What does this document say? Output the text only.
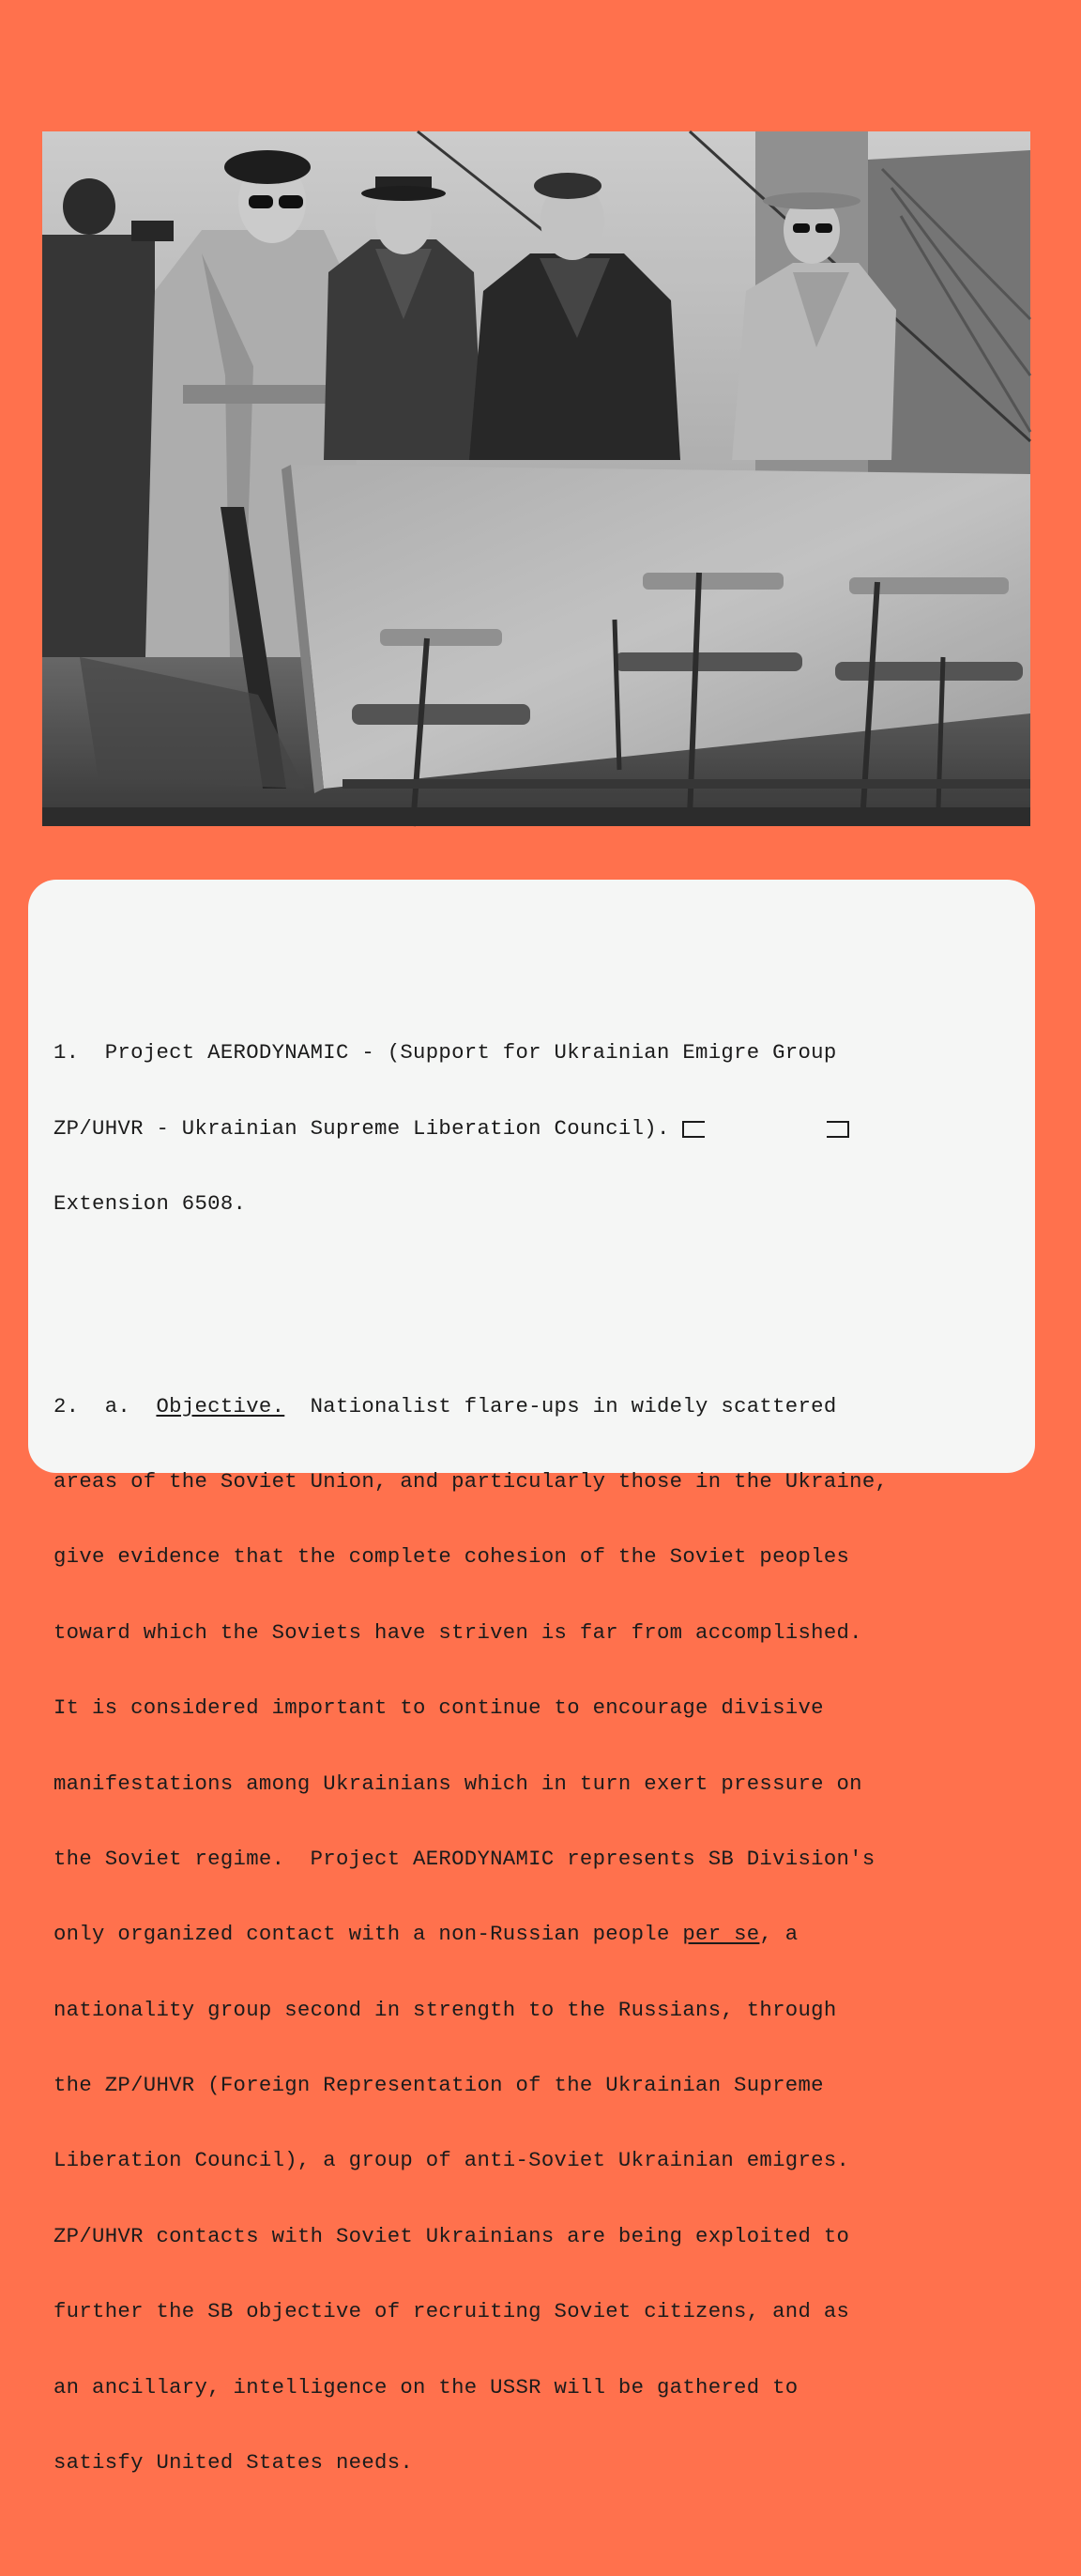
1.  Project AERODYNAMIC - (Support for Ukrainian Emigre Group

ZP/UHVR - Ukrainian Supreme Liberation Council).

Extension 6508.

2.  a.  Objective.  Nationalist flare-ups in widely scattered

areas of the Soviet Union, and particularly those in the Ukraine,

give evidence that the complete cohesion of the Soviet peoples

toward which the Soviets have striven is far from accomplished.

It is considered important to continue to encourage divisive

manifestations among Ukrainians which in turn exert pressure on

the Soviet regime.  Project AERODYNAMIC represents SB Division's

only organized contact with a non-Russian people per se, a

nationality group second in strength to the Russians, through

the ZP/UHVR (Foreign Representation of the Ukrainian Supreme

Liberation Council), a group of anti-Soviet Ukrainian emigres.

ZP/UHVR contacts with Soviet Ukrainians are being exploited to

further the SB objective of recruiting Soviet citizens, and as

an ancillary, intelligence on the USSR will be gathered to

satisfy United States needs.
